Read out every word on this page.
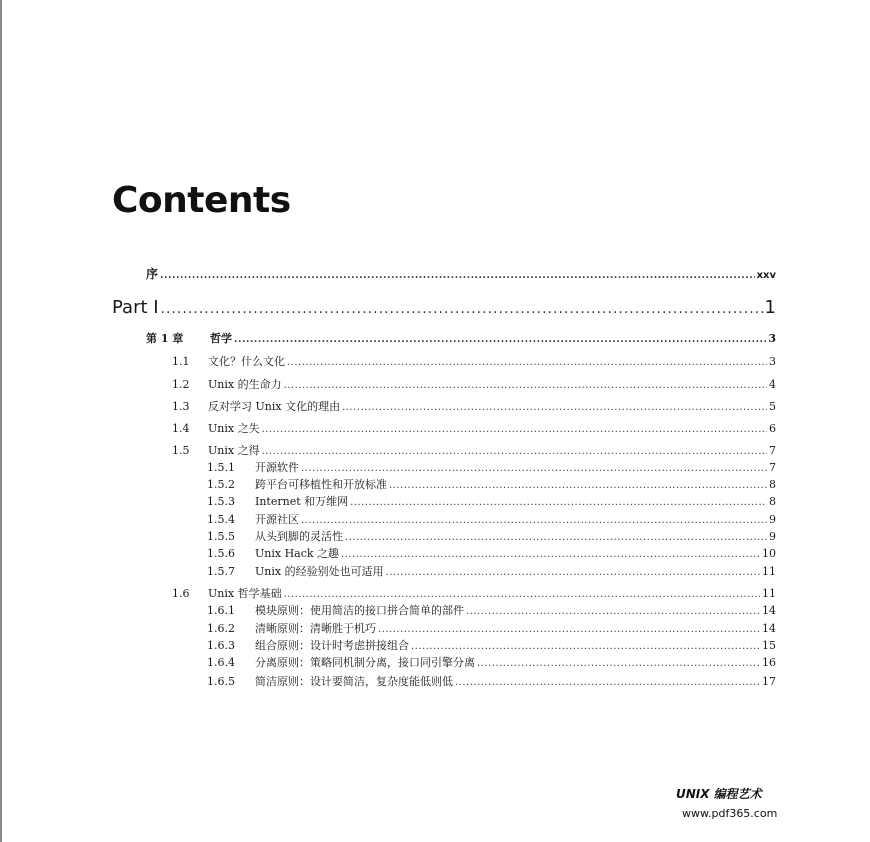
Contents
序 .....	xxv
Part I .....	1
第 1 章	哲学 .....	3
1.1	文化？什么文化 .....	3
1.2	Unix 的生命力 .....	4
1.3	反对学习 Unix 文化的理由 .....	5
1.4	Unix 之失 .....	6
1.5	Unix 之得 .....	7
1.5.1	开源软件 .....	7
1.5.2	跨平台可移植性和开放标准 .....	8
1.5.3	Internet 和万维网 .....	8
1.5.4	开源社区 .....	9
1.5.5	从头到脚的灵活性 .....	9
1.5.6	Unix Hack 之趣 .....	10
1.5.7	Unix 的经验别处也可适用 .....	11
1.6	Unix 哲学基础 .....	11
1.6.1	模块原则：使用简洁的接口拼合简单的部件 .....	14
1.6.2	清晰原则：清晰胜于机巧 .....	14
1.6.3	组合原则：设计时考虑拼接组合 .....	15
1.6.4	分离原则：策略同机制分离，接口同引擎分离 .....	16
1.6.5	简洁原则：设计要简洁，复杂度能低则低 .....	17
UNIX 编程艺术
www.pdf365.com
